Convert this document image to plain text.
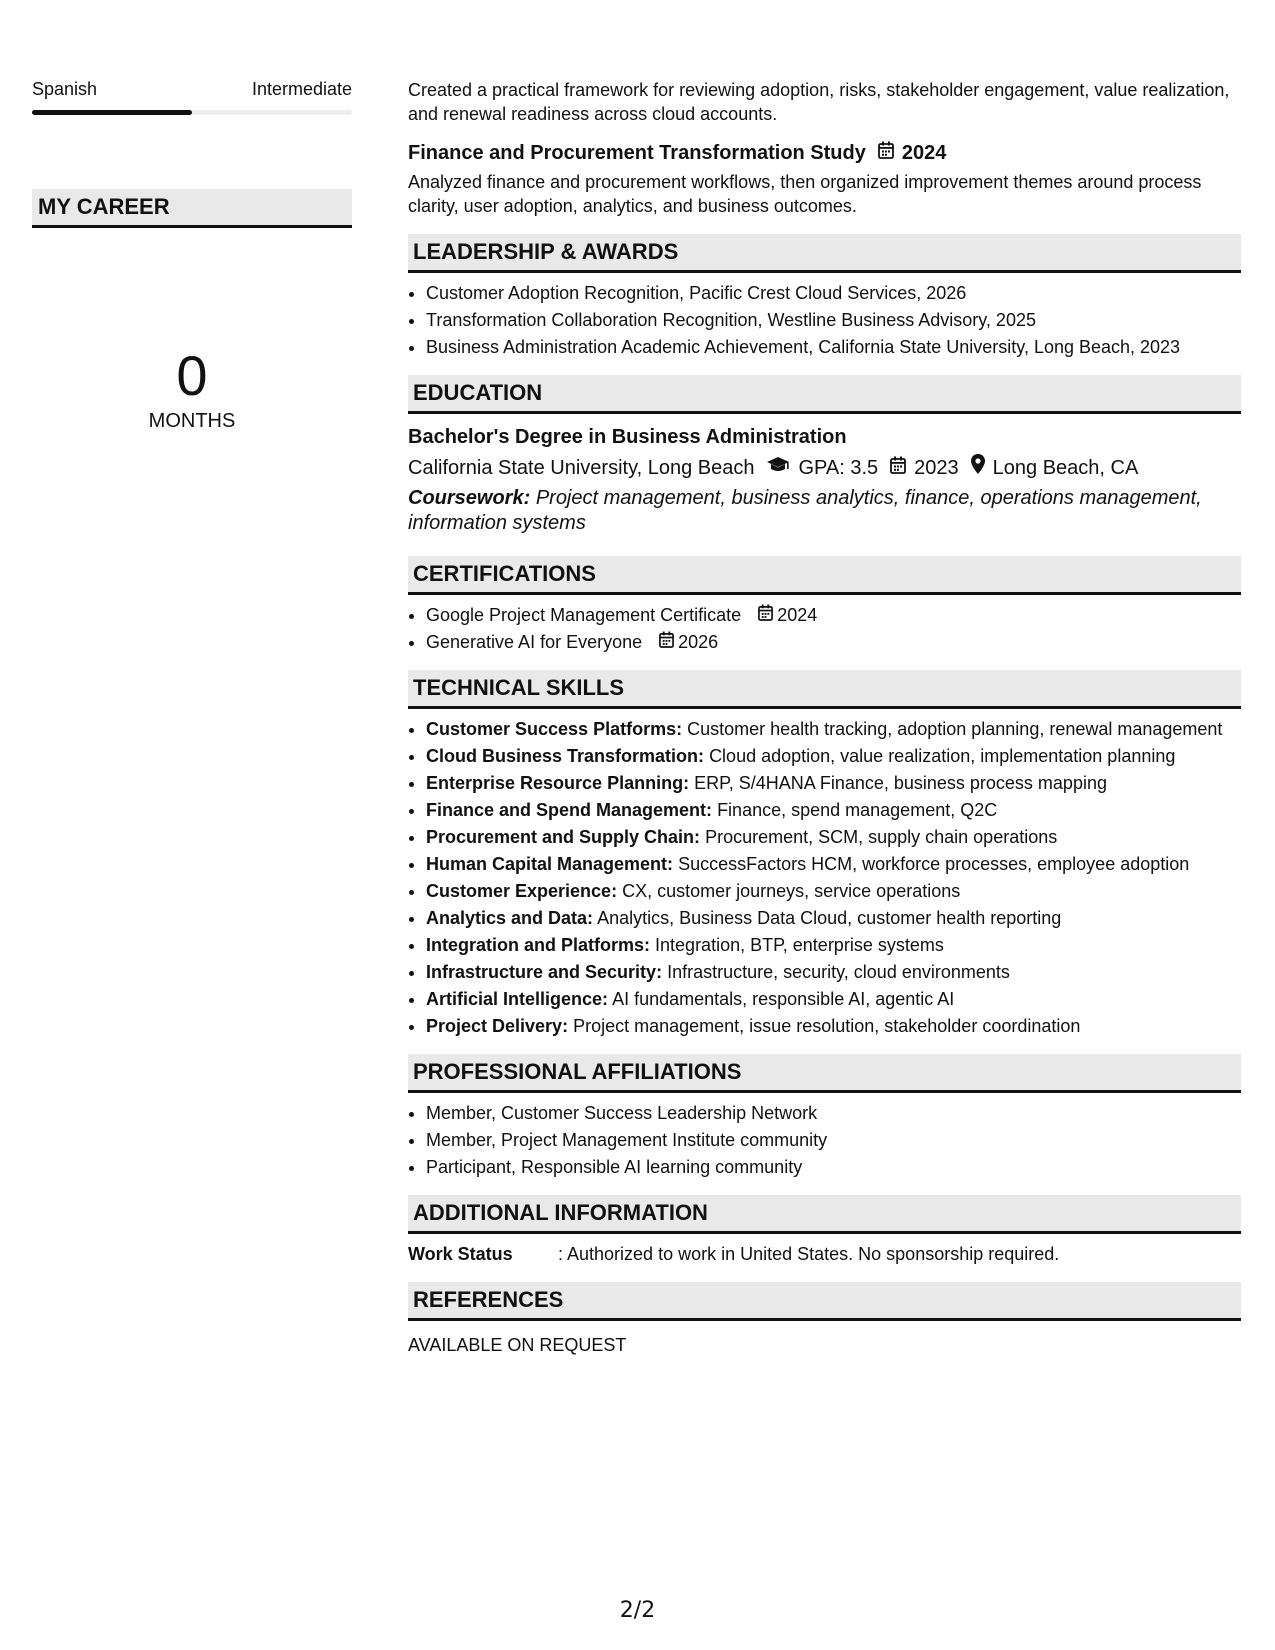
Spanish	Intermediate
MY CAREER
0
MONTHS

Created a practical framework for reviewing adoption, risks, stakeholder engagement, value realization, and renewal readiness across cloud accounts.

Finance and Procurement Transformation Study 2024

Analyzed finance and procurement workflows, then organized improvement themes around process clarity, user adoption, analytics, and business outcomes.

LEADERSHIP & AWARDS
• Customer Adoption Recognition, Pacific Crest Cloud Services, 2026
• Transformation Collaboration Recognition, Westline Business Advisory, 2025
• Business Administration Academic Achievement, California State University, Long Beach, 2023
EDUCATION
Bachelor's Degree in Business Administration
California State University, Long Beach GPA: 3.5 2023 Long Beach, CA
Coursework: Project management, business analytics, finance, operations management, information systems
CERTIFICATIONS
• Google Project Management Certificate 2024
• Generative AI for Everyone 2026
TECHNICAL SKILLS
• Customer Success Platforms: Customer health tracking, adoption planning, renewal management
• Cloud Business Transformation: Cloud adoption, value realization, implementation planning
• Enterprise Resource Planning: ERP, S/4HANA Finance, business process mapping
• Finance and Spend Management: Finance, spend management, Q2C
• Procurement and Supply Chain: Procurement, SCM, supply chain operations
• Human Capital Management: SuccessFactors HCM, workforce processes, employee adoption
• Customer Experience: CX, customer journeys, service operations
• Analytics and Data: Analytics, Business Data Cloud, customer health reporting
• Integration and Platforms: Integration, BTP, enterprise systems
• Infrastructure and Security: Infrastructure, security, cloud environments
• Artificial Intelligence: AI fundamentals, responsible AI, agentic AI
• Project Delivery: Project management, issue resolution, stakeholder coordination
PROFESSIONAL AFFILIATIONS
• Member, Customer Success Leadership Network
• Member, Project Management Institute community
• Participant, Responsible AI learning community
ADDITIONAL INFORMATION
Work Status	: Authorized to work in United States. No sponsorship required.
REFERENCES
AVAILABLE ON REQUEST
2/2
